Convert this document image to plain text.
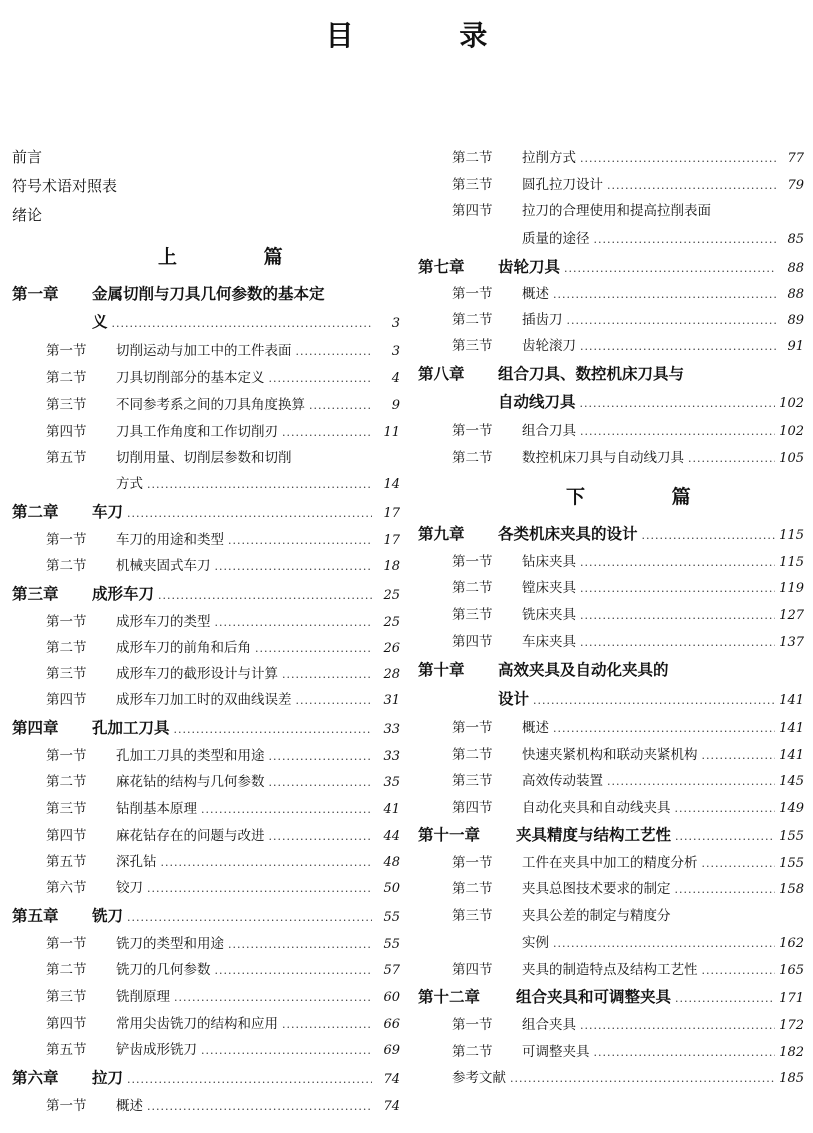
目 录
前言
符号术语对照表
绪论
上 篇
第一章	金属切削与刀具几何参数的基本定
义 .....	3
第一节	切削运动与加工中的工件表面 .....	3
第二节	刀具切削部分的基本定义 .....	4
第三节	不同参考系之间的刀具角度换算 .....	9
第四节	刀具工作角度和工作切削刃 .....	11
第五节	切削用量、切削层参数和切削
方式 .....	14
第二章	车刀 .....	17
第一节	车刀的用途和类型 .....	17
第二节	机械夹固式车刀 .....	18
第三章	成形车刀 .....	25
第一节	成形车刀的类型 .....	25
第二节	成形车刀的前角和后角 .....	26
第三节	成形车刀的截形设计与计算 .....	28
第四节	成形车刀加工时的双曲线误差 .....	31
第四章	孔加工刀具 .....	33
第一节	孔加工刀具的类型和用途 .....	33
第二节	麻花钻的结构与几何参数 .....	35
第三节	钻削基本原理 .....	41
第四节	麻花钻存在的问题与改进 .....	44
第五节	深孔钻 .....	48
第六节	铰刀 .....	50
第五章	铣刀 .....	55
第一节	铣刀的类型和用途 .....	55
第二节	铣刀的几何参数 .....	57
第三节	铣削原理 .....	60
第四节	常用尖齿铣刀的结构和应用 .....	66
第五节	铲齿成形铣刀 .....	69
第六章	拉刀 .....	74
第一节	概述 .....	74
第二节	拉削方式 .....	77
第三节	圆孔拉刀设计 .....	79
第四节	拉刀的合理使用和提高拉削表面
质量的途径 .....	85
第七章	齿轮刀具 .....	88
第一节	概述 .....	88
第二节	插齿刀 .....	89
第三节	齿轮滚刀 .....	91
第八章	组合刀具、数控机床刀具与
自动线刀具 .....	102
第一节	组合刀具 .....	102
第二节	数控机床刀具与自动线刀具 .....	105
下 篇
第九章	各类机床夹具的设计 .....	115
第一节	钻床夹具 .....	115
第二节	镗床夹具 .....	119
第三节	铣床夹具 .....	127
第四节	车床夹具 .....	137
第十章	高效夹具及自动化夹具的
设计 .....	141
第一节	概述 .....	141
第二节	快速夹紧机构和联动夹紧机构 .....	141
第三节	高效传动装置 .....	145
第四节	自动化夹具和自动线夹具 .....	149
第十一章	夹具精度与结构工艺性 .....	155
第一节	工件在夹具中加工的精度分析 .....	155
第二节	夹具总图技术要求的制定 .....	158
第三节	夹具公差的制定与精度分
实例 .....	162
第四节	夹具的制造特点及结构工艺性 .....	165
第十二章	组合夹具和可调整夹具 .....	171
第一节	组合夹具 .....	172
第二节	可调整夹具 .....	182
参考文献 .....	185
